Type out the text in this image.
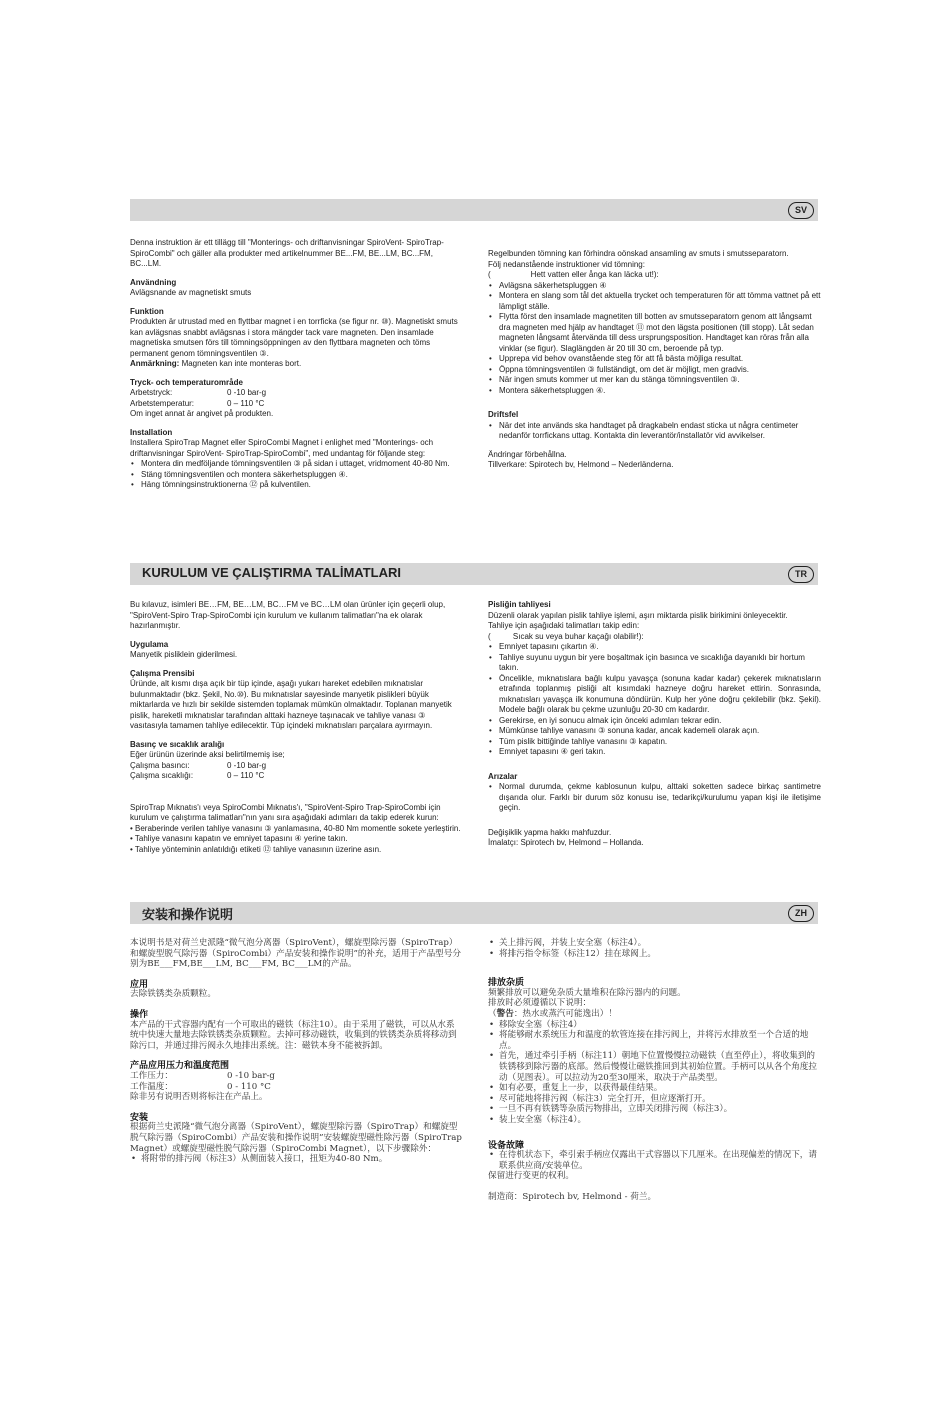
SV

Denna instruktion är ett tillägg till "Monterings- och driftanvisningar SpiroVent- SpiroTrap-SpiroCombi" och gäller alla produkter med artikelnummer BE...FM, BE...LM, BC...FM, BC...LM.

Användning

Avlägsnande av magnetiskt smuts

Funktion

Produkten är utrustad med en flyttbar magnet i en torrficka (se figur nr. ⑩). Magnetiskt smuts kan avlägsnas snabbt avlägsnas i stora mängder tack vare magneten. Den insamlade magnetiska smutsen förs till tömningsöppningen av den flyttbara magneten och töms permanent genom tömningsventilen ③.

Anmärkning: Magneten kan inte monteras bort.

Tryck- och temperaturområde

Arbetstryck:	0 -10 bar-g
Arbetstemperatur:	0 – 110 °C

Om inget annat är angivet på produkten.

Installation

Installera SpiroTrap Magnet eller SpiroCombi Magnet i enlighet med "Monterings- och driftanvisningar SpiroVent- SpiroTrap-SpiroCombi", med undantag för följande steg:

• Montera din medföljande tömningsventilen ③ på sidan i uttaget, vridmoment 40-80 Nm.
• Stäng tömningsventilen och montera säkerhetspluggen ④.
• Häng tömningsinstruktionerna ⑫ på kulventilen.

Regelbunden tömning kan förhindra oönskad ansamling av smuts i smutsseparatorn.

Följ nedanstående instruktioner vid tömning:

(                  Hett vatten eller ånga kan läcka ut!):

• Avlägsna säkerhetspluggen ④
• Montera en slang som tål det aktuella trycket och temperaturen för att tömma vattnet på ett lämpligt ställe.
• Flytta först den insamlade magnetiten till botten av smutsseparatorn genom att långsamt dra magneten med hjälp av handtaget ⑪ mot den lägsta positionen (till stopp). Låt sedan magneten långsamt återvända till dess ursprungsposition. Handtaget kan röras från alla vinklar (se figur). Slaglängden är 20 till 30 cm, beroende på typ.
• Upprepa vid behov ovanstående steg för att få bästa möjliga resultat.
• Öppna tömningsventilen ③ fullständigt, om det är möjligt, men gradvis.
• När ingen smuts kommer ut mer kan du stänga tömningsventilen ③.
• Montera säkerhetspluggen ④.

Driftsfel

• När det inte används ska handtaget på dragkabeln endast sticka ut några centimeter nedanför torrfickans uttag. Kontakta din leverantör/installatör vid avvikelser.

Ändringar förbehållna.

Tillverkare: Spirotech bv, Helmond – Nederländerna.

KURULUM VE ÇALIŞTIRMA TALİMATLARI	TR

Bu kılavuz, isimleri BE…FM, BE…LM, BC…FM ve BC…LM olan ürünler için geçerli olup, "SpiroVent-Spiro Trap-SpiroCombi için kurulum ve kullanım talimatları"na ek olarak hazırlanmıştır.

Uygulama

Manyetik pisliklein giderilmesi.

Çalışma Prensibi

Üründe, alt kısmı dışa açık bir tüp içinde, aşağı yukarı hareket edebilen mıknatıslar bulunmaktadır (bkz. Şekil, No.⑩). Bu mıknatıslar sayesinde manyetik pislikleri büyük miktarlarda ve hızlı bir sekilde sistemden toplamak mümkün olmaktadır. Toplanan manyetik pislik, hareketli mıknatıslar tarafından alttaki hazneye taşınacak ve tahliye vanası ③ vasıtasıyla tamamen tahliye edilecektir. Tüp içindeki mıknatısları parçalara ayırmayın.

Basınç ve sıcaklık aralığı

Eğer ürünün üzerinde aksi belirtilmemiş ise;

Çalışma basıncı:	0 -10 bar-g
Çalışma sıcaklığı:	0 – 110 °C

SpiroTrap Mıknatıs'ı veya SpiroCombi Mıknatıs'ı, "SpiroVent-Spiro Trap-SpiroCombi için kurulum ve çalıştırma talimatları"nın yanı sıra aşağıdaki adımları da takip ederek kurun:

• Beraberinde verilen tahliye vanasını ③ yanlamasına, 40-80 Nm momentle sokete yerleştirin.

• Tahliye vanasını kapatın ve emniyet tapasını ④ yerine takın.

• Tahliye yönteminin anlatıldığı etiketi ⑫ tahliye vanasının üzerine asın.

Pisliğin tahliyesi

Düzenli olarak yapılan pislik tahliye işlemi, aşırı miktarda pislik birikimini önleyecektir.

Tahliye için aşağıdaki talimatları takip edin:

(          Sıcak su veya buhar kaçağı olabilir!):

• Emniyet tapasını çıkartın ④.
• Tahliye suyunu uygun bir yere boşaltmak için basınca ve sıcaklığa dayanıklı bir hortum takın.
• Öncelikle, mıknatıslara bağlı kulpu yavaşça (sonuna kadar kadar) çekerek mıknatısların etrafında toplanmış pisliği alt kısımdaki hazneye doğru hareket ettirin. Sonrasında, mıknatısları yavaşça ilk konumuna döndürün. Kulp her yöne doğru çekilebilir (bkz. Şekil). Modele bağlı olarak bu çekme uzunluğu 20-30 cm kadardır.
• Gerekirse, en iyi sonucu almak için önceki adımları tekrar edin.
• Mümkünse tahliye vanasını ③ sonuna kadar, ancak kademeli olarak açın.
• Tüm pislik bittiğinde tahliye vanasını ③ kapatın.
• Emniyet tapasını ④ geri takın.

Arızalar

• Normal durumda, çekme kablosunun kulpu, alttaki soketten sadece birkaç santimetre dışarıda olur. Farklı bir durum söz konusu ise, tedarikçi/kurulumu yapan kişi ile iletişime geçin.

Değişiklik yapma hakkı mahfuzdur.

İmalatçı: Spirotech bv, Helmond – Hollanda.

安装和操作说明	ZH

本说明书是对荷兰史派隆“微气泡分离器（SpiroVent），螺旋型除污器（SpiroTrap）和螺旋型脱气除污器（SpiroCombi）产品安装和操作说明”的补充，适用于产品型号分别为BE___FM,BE___LM, BC___FM, BC___LM的产品。

应用

去除铁锈类杂质颗粒。

操作

本产品的干式容器内配有一个可取出的磁铁（标注10）。由于采用了磁铁，可以从水系统中快速大量地去除铁锈类杂质颗粒。去掉可移动磁铁，收集到的铁锈类杂质将移动到除污口，并通过排污阀永久地排出系统。注：磁铁本身不能被拆卸。

产品应用压力和温度范围

工作压力：	0 -10 bar-g
工作温度：	0 - 110 °C

除非另有说明否则将标注在产品上。

安装

根据荷兰史派隆“微气泡分离器（SpiroVent），螺旋型除污器（SpiroTrap）和螺旋型脱气除污器（SpiroCombi）产品安装和操作说明”安装螺旋型磁性除污器（SpiroTrap Magnet）或螺旋型磁性脱气除污器（SpiroCombi Magnet），以下步骤除外：

• 将附带的排污阀（标注3）从侧面装入接口，扭矩为40-80 Nm。
• 关上排污阀，并装上安全塞（标注4）。
• 将排污指令标签（标注12）挂在球阀上。

排放杂质

频繁排放可以避免杂质大量堆积在除污器内的问题。

排放时必须遵循以下说明：

（警告：热水或蒸汽可能逸出）！

• 移除安全塞（标注4）
• 将能够耐水系统压力和温度的软管连接在排污阀上，并将污水排放至一个合适的地点。
• 首先，通过牵引手柄（标注11）朝地下位置慢慢拉动磁铁（直至停止），将收集到的铁锈移到除污器的底部。然后慢慢让磁铁推回到其初始位置。手柄可以从各个角度拉动（见图表）。可以拉动为20至30厘米，取决于产品类型。
• 如有必要，重复上一步，以获得最佳结果。
• 尽可能地将排污阀（标注3）完全打开，但应逐渐打开。
• 一旦不再有铁锈等杂质污物排出，立即关闭排污阀（标注3）。
• 装上安全塞（标注4）。

设备故障

• 在待机状态下，牵引索手柄应仅露出干式容器以下几厘米。在出现偏差的情况下，请联系供应商/安装单位。

保留进行变更的权利。

制造商：Spirotech bv, Helmond - 荷兰。
